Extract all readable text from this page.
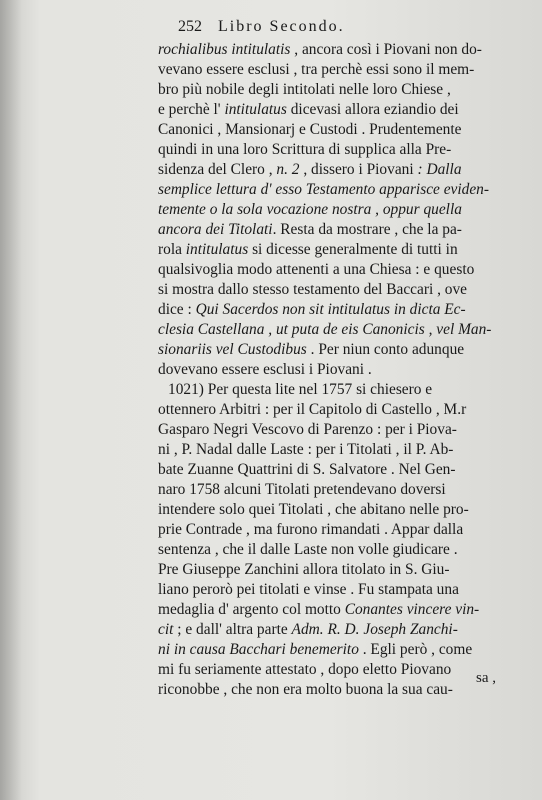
252 Libro Secondo.
rochialibus intitulatis , ancora così i Piovani non do-
vevano essere esclusi , tra perchè essi sono il mem-
bro più nobile degli intitolati nelle loro Chiese ,
e perchè l' intitulatus dicevasi allora eziandio dei
Canonici , Mansionarj e Custodi . Prudentemente
quindi in una loro Scrittura di supplica alla Pre-
sidenza del Clero , n. 2 , dissero i Piovani : Dalla
semplice lettura d' esso Testamento apparisce eviden-
temente o la sola vocazione nostra , oppur quella
ancora dei Titolati. Resta da mostrare , che la pa-
rola intitulatus si dicesse generalmente di tutti in
qualsivoglia modo attenenti a una Chiesa : e questo
si mostra dallo stesso testamento del Baccari , ove
dice : Qui Sacerdos non sit intitulatus in dicta Ec-
clesia Castellana , ut puta de eis Canonicis , vel Man-
sionariis vel Custodibus . Per niun conto adunque
dovevano essere esclusi i Piovani .
1021) Per questa lite nel 1757 si chiesero e
ottennero Arbitri : per il Capitolo di Castello , M.r
Gasparo Negri Vescovo di Parenzo : per i Piova-
ni , P. Nadal dalle Laste : per i Titolati , il P. Ab-
bate Zuanne Quattrini di S. Salvatore . Nel Gen-
naro 1758 alcuni Titolati pretendevano doversi
intendere solo quei Titolati , che abitano nelle pro-
prie Contrade , ma furono rimandati . Appar dalla
sentenza , che il dalle Laste non volle giudicare .
Pre Giuseppe Zanchini allora titolato in S. Giu-
liano perorò pei titolati e vinse . Fu stampata una
medaglia d' argento col motto Conantes vincere vin-
cit ; e dall' altra parte Adm. R. D. Joseph Zanchi-
ni in causa Bacchari benemerito . Egli però , come
mi fu seriamente attestato , dopo eletto Piovano
riconobbe , che non era molto buona la sua cau-
sa ,
